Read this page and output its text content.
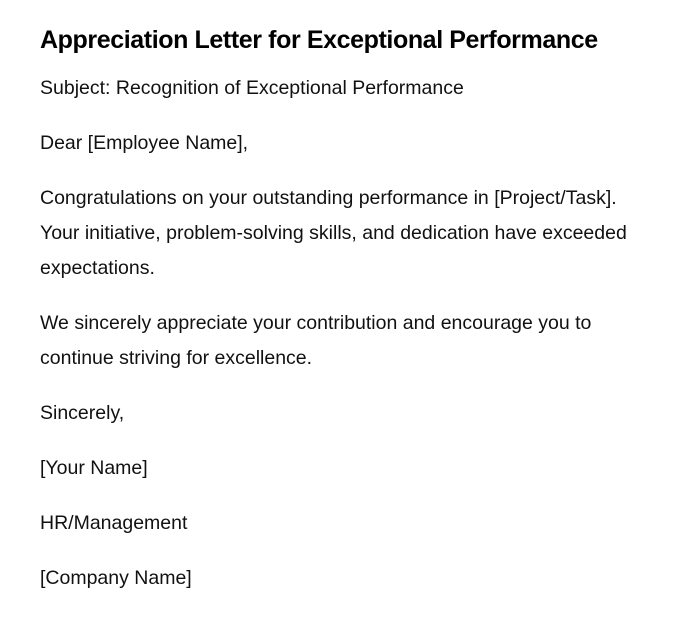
Appreciation Letter for Exceptional Performance

Subject: Recognition of Exceptional Performance

Dear [Employee Name],

Congratulations on your outstanding performance in [Project/Task]. Your initiative, problem-solving skills, and dedication have exceeded expectations.

We sincerely appreciate your contribution and encourage you to continue striving for excellence.

Sincerely,

[Your Name]

HR/Management

[Company Name]
